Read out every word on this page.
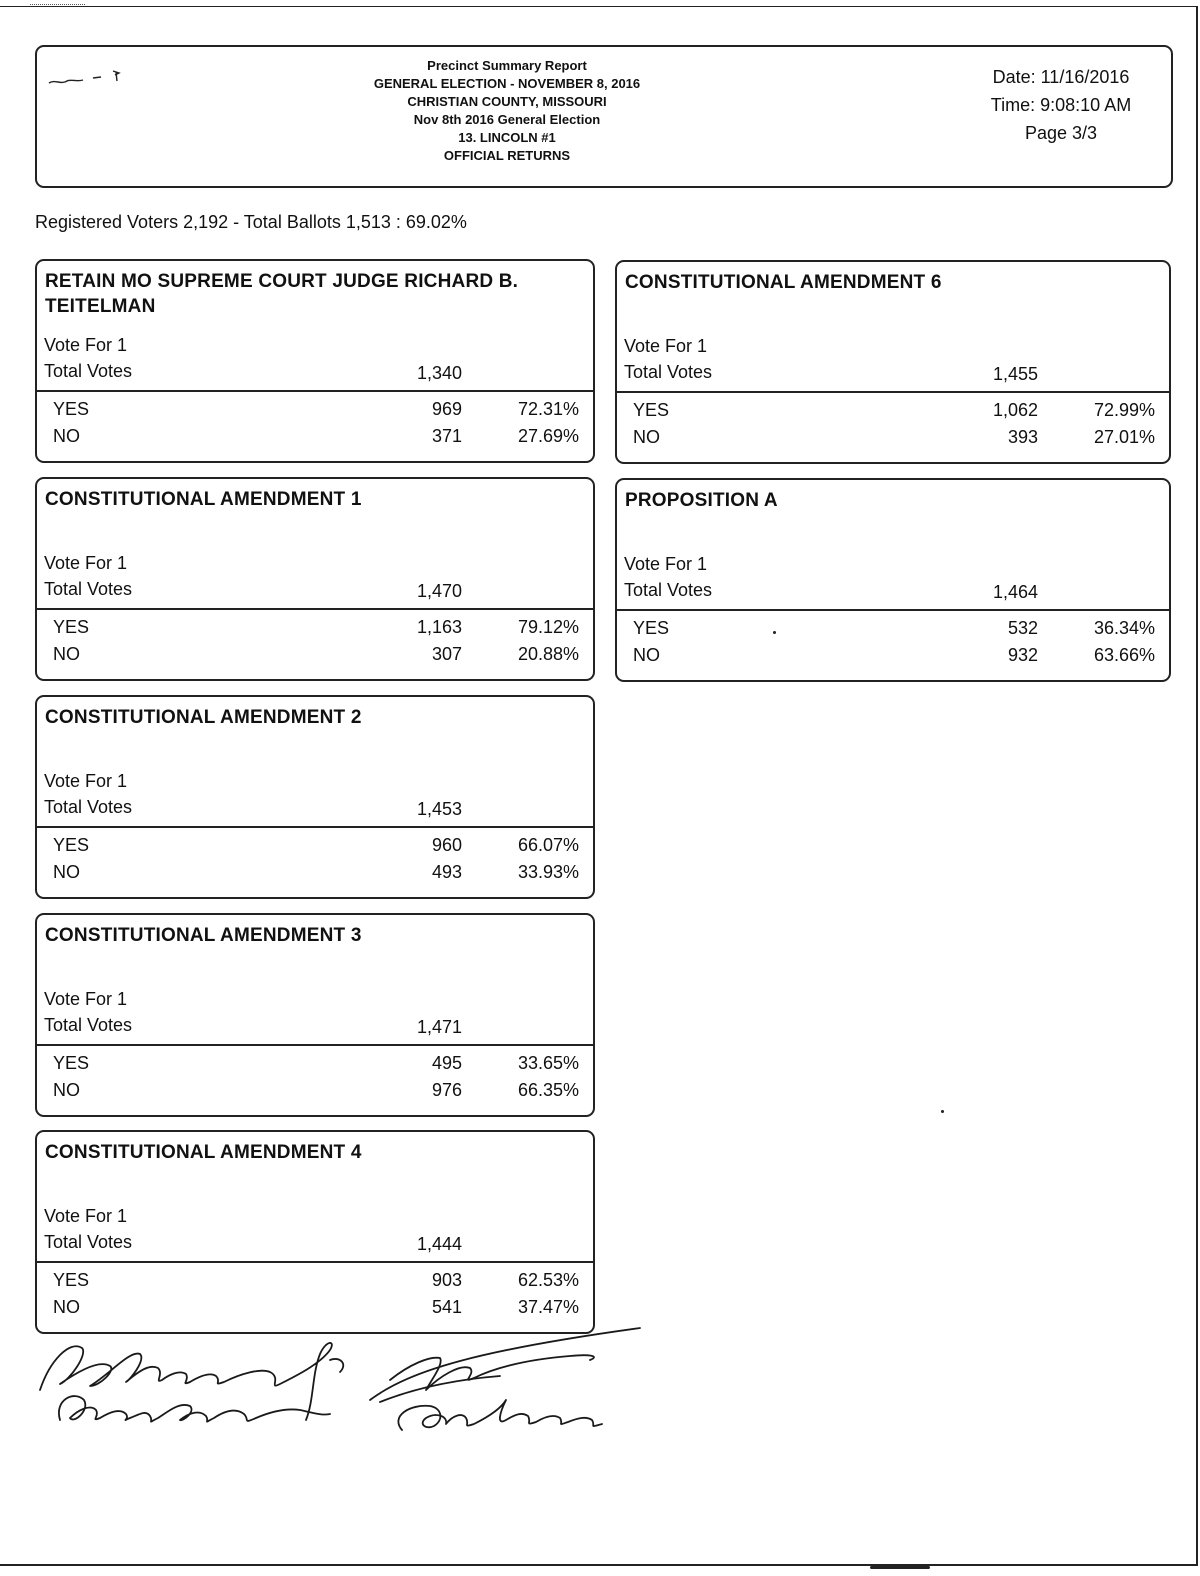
Precinct Summary Report
GENERAL ELECTION - NOVEMBER 8, 2016
CHRISTIAN COUNTY, MISSOURI
Nov 8th 2016 General Election
13. LINCOLN #1
OFFICIAL RETURNS
Date: 11/16/2016
Time: 9:08:10 AM
Page 3/3
Registered Voters 2,192 - Total Ballots 1,513 : 69.02%
RETAIN MO SUPREME COURT JUDGE RICHARD B. TEITELMAN
Vote For 1
Total Votes	1,340
YES	969	72.31%
NO	371	27.69%
CONSTITUTIONAL AMENDMENT 1
Vote For 1
Total Votes	1,470
YES	1,163	79.12%
NO	307	20.88%
CONSTITUTIONAL AMENDMENT 2
Vote For 1
Total Votes	1,453
YES	960	66.07%
NO	493	33.93%
CONSTITUTIONAL AMENDMENT 3
Vote For 1
Total Votes	1,471
YES	495	33.65%
NO	976	66.35%
CONSTITUTIONAL AMENDMENT 4
Vote For 1
Total Votes	1,444
YES	903	62.53%
NO	541	37.47%
CONSTITUTIONAL AMENDMENT 6
Vote For 1
Total Votes	1,455
YES	1,062	72.99%
NO	393	27.01%
PROPOSITION A
Vote For 1
Total Votes	1,464
YES	532	36.34%
NO	932	63.66%
